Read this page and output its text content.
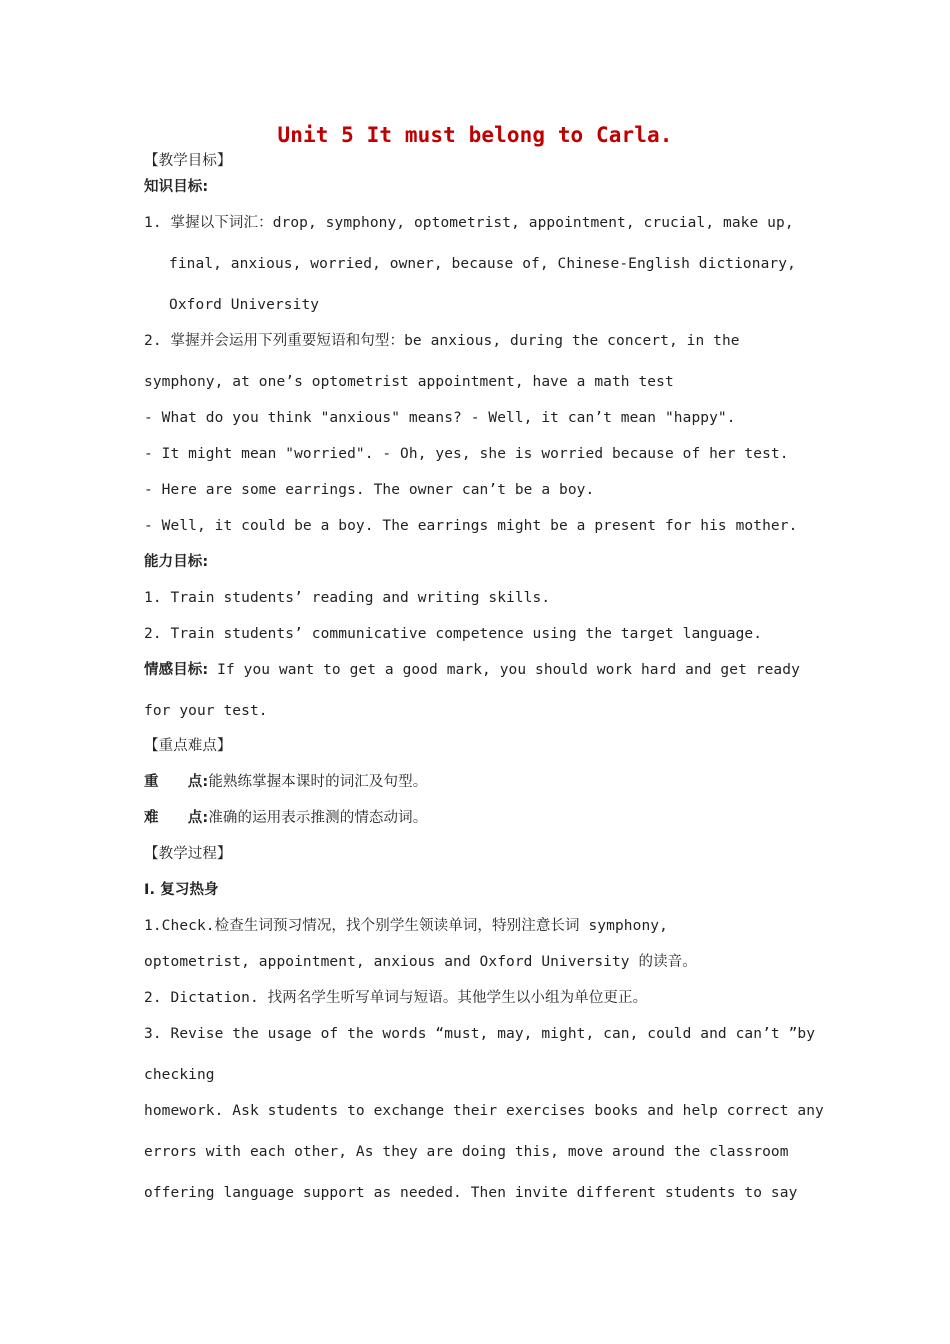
Unit 5 It must belong to Carla.
【教学目标】
知识目标:
1. 掌握以下词汇：drop, symphony, optometrist, appointment, crucial, make up,
final, anxious, worried, owner, because of, Chinese-English dictionary,
Oxford University
2. 掌握并会运用下列重要短语和句型：be anxious, during the concert, in the
symphony, at one’s optometrist appointment, have a math test
- What do you think "anxious" means? - Well, it can’t mean "happy".
- It might mean "worried". - Oh, yes, she is worried because of her test.
- Here are some earrings. The owner can’t be a boy.
- Well, it could be a boy. The earrings might be a present for his mother.
能力目标:
1. Train students’ reading and writing skills.
2. Train students’ communicative competence using the target language.
情感目标: If you want to get a good mark, you should work hard and get ready
for your test.
【重点难点】
重　　点:能熟练掌握本课时的词汇及句型。
难　　点:准确的运用表示推测的情态动词。
【教学过程】
I. 复习热身
1.Check.检查生词预习情况，找个别学生领读单词，特别注意长词 symphony,
optometrist, appointment, anxious and Oxford University 的读音。
2. Dictation. 找两名学生听写单词与短语。其他学生以小组为单位更正。
3. Revise the usage of the words “must, may, might, can, could and can’t ”by
checking
homework. Ask students to exchange their exercises books and help correct any
errors with each other, As they are doing this, move around the classroom
offering language support as needed. Then invite different students to say
